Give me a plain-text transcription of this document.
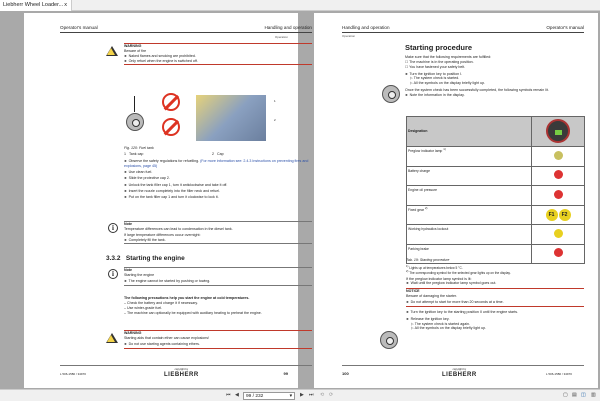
Liebherr Wheel Loader... x
Operator's manual	Handling and operation
Operation
WARNING
Beware of fire
► Naked flames and smoking are prohibited.
► Only refuel when the engine is switched off.
1
2
Fig. 120: Fuel tank
1 Tank cap	2 Cap
► Observe the safety regulations for refuelling. (For more information see: 2.4.3 Instructions on preventing fires and explosions, page 45)
► Use clean fuel.
► Slide the protective cap 2.
► Unlock the tank filler cap 1, turn it anticlockwise and take it off.
► Insert the nozzle completely into the filler neck and refuel.
► Put on the tank filler cap 1 and turn it clockwise to lock it.
i	Note
Temperature differences can lead to condensation in the diesel tank.
If large temperature differences occur overnight:
► Completely fill the tank.
3.3.2 Starting the engine
i	Note
Starting the engine
► The engine cannot be started by pushing or towing.
The following precautions help you start the engine at cold temperatures.
– Check the battery and charge it if necessary.
– Use winter-grade fuel.
– The machine can optionally be equipped with auxiliary heating to preheat the engine.
WARNING
Starting aids that contain ether can cause explosions!
► Do not use starting agents containing ethers.
L 506-1580 / 34970
copyright by
LIEBHERR	99
Handling and operation	Operator's manual
Operation
Starting procedure
Make sure that the following requirements are fulfilled:
☐ The machine is in the operating position.
☐ You have fastened your safety belt.
► Turn the ignition key to position I.
▷ The system check is started.
▷ All the symbols on the display briefly light up.
Once the system check has been successfully completed, the following symbols remain lit.
► Note the information in the display.
Designation	

Preglow indicator lamp $^{1)}$	
Battery charge	
Engine oil pressure	
Fixed gear $^{2)}$	F1 F2
Working hydraulics lockout	
Parking brake	
Tab. 19: Starting procedure
$^{1)}$ Lights up at temperatures below 5 °C.
$^{2)}$ The corresponding symbol for the selected gear lights up on the display.
If the preglow indicator lamp symbol is lit:
► Wait until the preglow indicator lamp symbol goes out.
NOTICE
Beware of damaging the starter.
► Do not attempt to start for more than 20 seconds at a time.
► Turn the ignition key to the starting position II until the engine starts.
► Release the ignition key.
▷ The system check is started again.
▷ All the symbols on the display briefly light up.
100
copyright by
LIEBHERR	L 506-1580 / 34970
⏮ ◀	99 / 232	▾ ▶ ⏭ ⟲ ⟳	▢ ▤ ◫ ▥
